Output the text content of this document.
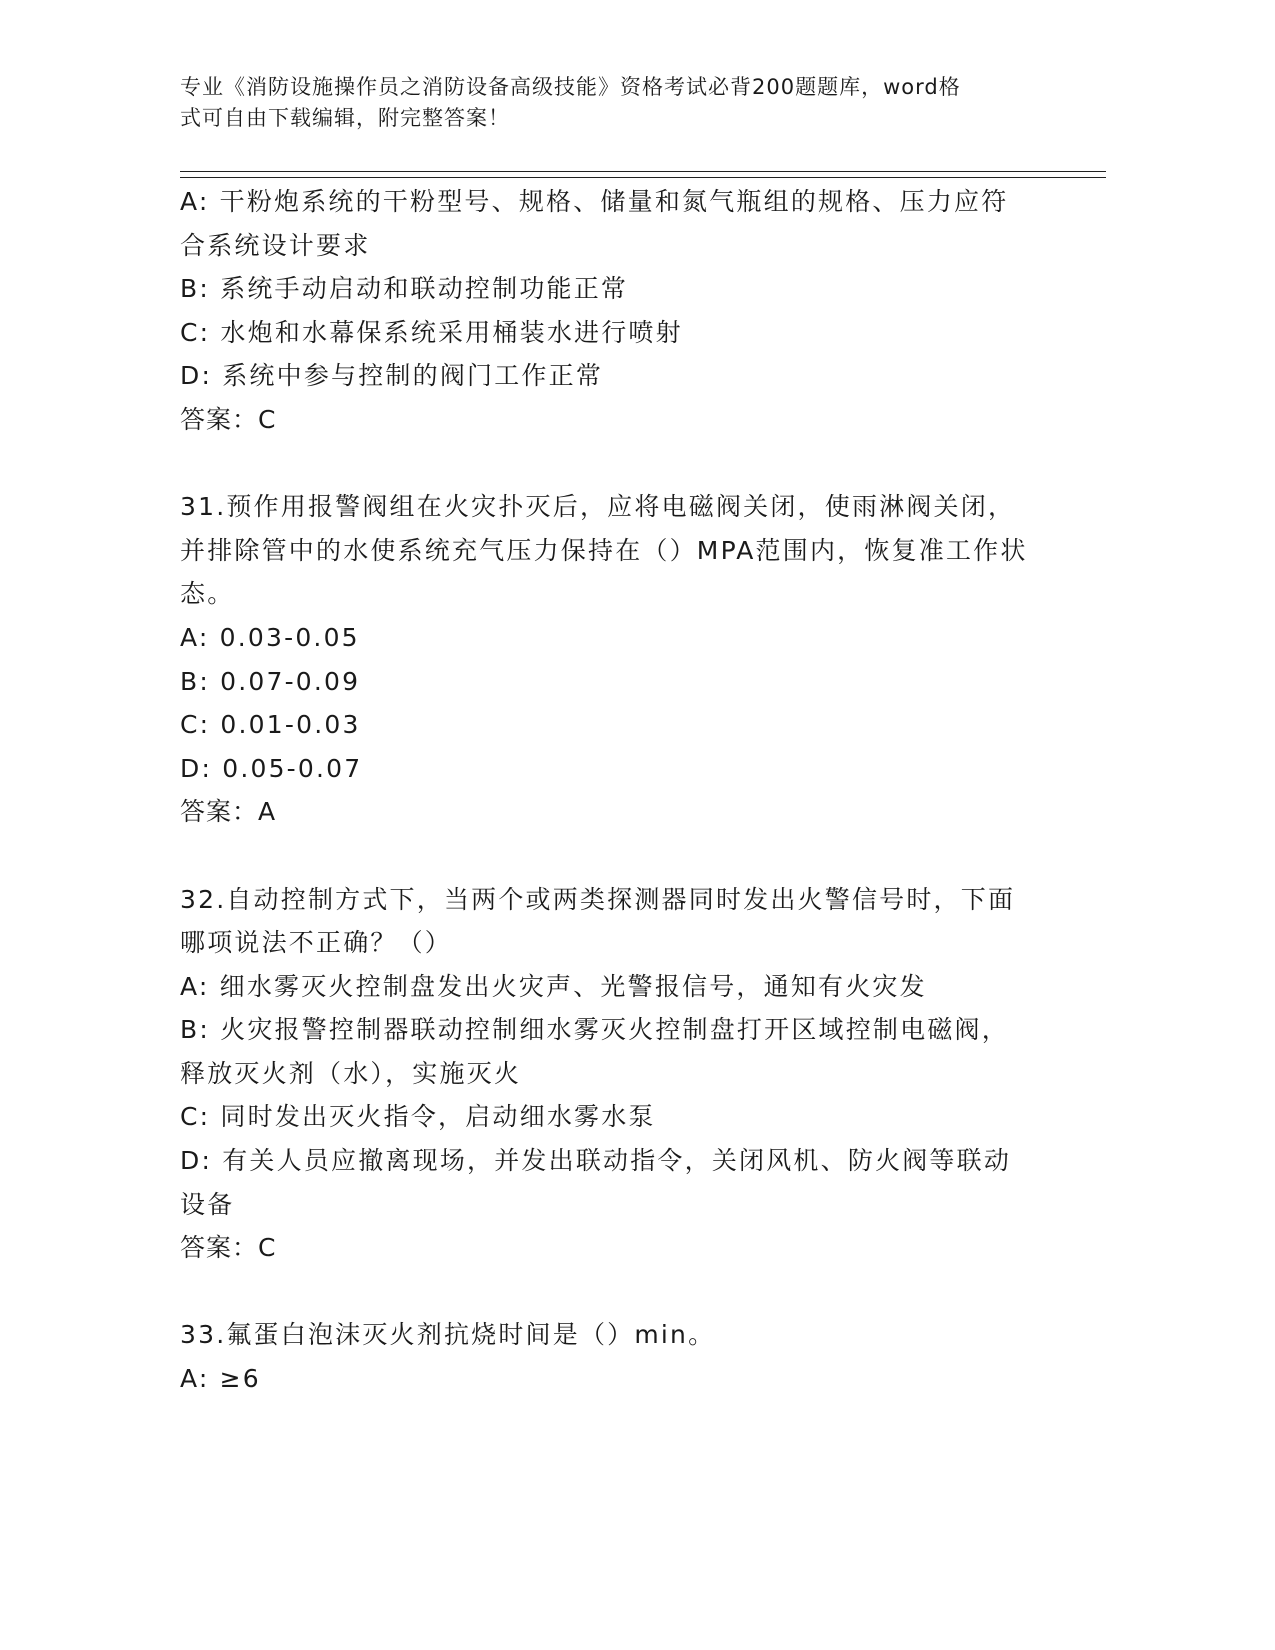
专业《消防设施操作员之消防设备高级技能》资格考试必背200题题库，word格
式可自由下载编辑，附完整答案！
A: 干粉炮系统的干粉型号、规格、储量和氮气瓶组的规格、压力应符
合系统设计要求
B: 系统手动启动和联动控制功能正常
C: 水炮和水幕保系统采用桶装水进行喷射
D: 系统中参与控制的阀门工作正常
答案：C
31.预作用报警阀组在火灾扑灭后，应将电磁阀关闭，使雨淋阀关闭，
并排除管中的水使系统充气压力保持在（）MPA范围内，恢复准工作状
态。
A: 0.03-0.05
B: 0.07-0.09
C: 0.01-0.03
D: 0.05-0.07
答案：A
32.自动控制方式下，当两个或两类探测器同时发出火警信号时，下面
哪项说法不正确？（）
A: 细水雾灭火控制盘发出火灾声、光警报信号，通知有火灾发
B: 火灾报警控制器联动控制细水雾灭火控制盘打开区域控制电磁阀，
释放灭火剂（水），实施灭火
C: 同时发出灭火指令，启动细水雾水泵
D: 有关人员应撤离现场，并发出联动指令，关闭风机、防火阀等联动
设备
答案：C
33.氟蛋白泡沫灭火剂抗烧时间是（）min。
A: ≥6
